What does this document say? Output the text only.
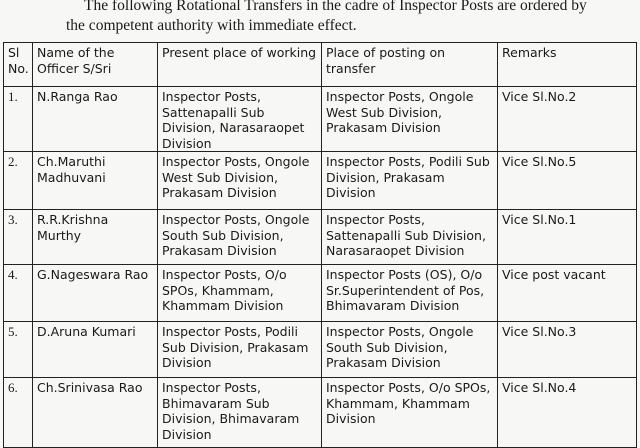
The following Rotational Transfers in the cadre of Inspector Posts are ordered by
the competent authority with immediate effect.
Sl No.	Name of the Officer S/Sri	Present place of working	Place of posting on transfer	Remarks
1.	N.Ranga Rao	Inspector Posts, Sattenapalli Sub Division, Narasaraopet Division	Inspector Posts, Ongole West Sub Division, Prakasam Division	Vice Sl.No.2
2.	Ch.Maruthi Madhuvani	Inspector Posts, Ongole West Sub Division, Prakasam Division	Inspector Posts, Podili Sub Division, Prakasam Division	Vice Sl.No.5
3.	R.R.Krishna Murthy	Inspector Posts, Ongole South Sub Division, Prakasam Division	Inspector Posts, Sattenapalli Sub Division, Narasaraopet Division	Vice Sl.No.1
4.	G.Nageswara Rao	Inspector Posts, O/o SPOs, Khammam, Khammam Division	Inspector Posts (OS), O/o Sr.Superintendent of Pos, Bhimavaram Division	Vice post vacant
5.	D.Aruna Kumari	Inspector Posts, Podili Sub Division, Prakasam Division	Inspector Posts, Ongole South Sub Division, Prakasam Division	Vice Sl.No.3
6.	Ch.Srinivasa Rao	Inspector Posts, Bhimavaram Sub Division, Bhimavaram Division	Inspector Posts, O/o SPOs, Khammam, Khammam Division	Vice Sl.No.4
